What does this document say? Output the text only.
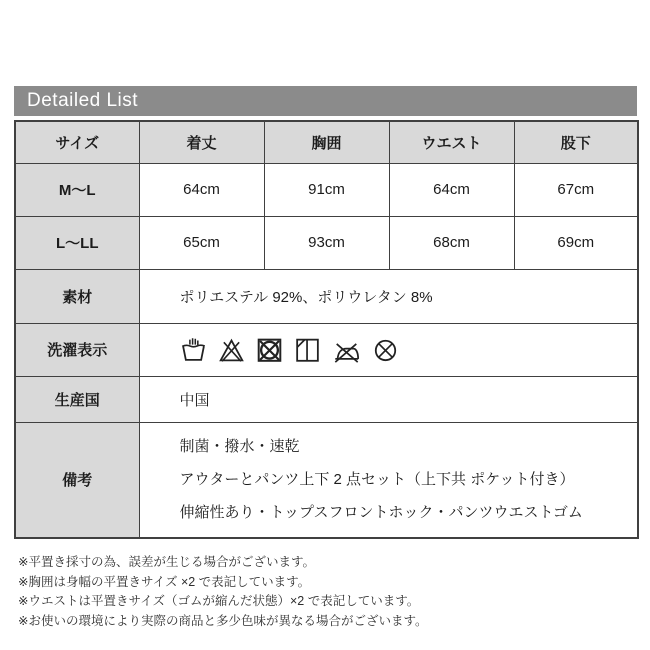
Detailed List
サイズ	着丈	胸囲	ウエスト	股下
M〜L	64cm	91cm	64cm	67cm
L〜LL	65cm	93cm	68cm	69cm
素材	ポリエステル 92%、ポリウレタン 8%			
洗濯表示	

生産国	中国			
備考	制菌・撥水・速乾
アウターとパンツ上下 2 点セット（上下共 ポケット付き）
伸縮性あり・トップスフロントホック・パンツウエストゴム			
※平置き採寸の為、誤差が生じる場合がございます。
※胸囲は身幅の平置きサイズ ×2 で表記しています。
※ウエストは平置きサイズ（ゴムが縮んだ状態）×2 で表記しています。
※お使いの環境により実際の商品と多少色味が異なる場合がございます。
